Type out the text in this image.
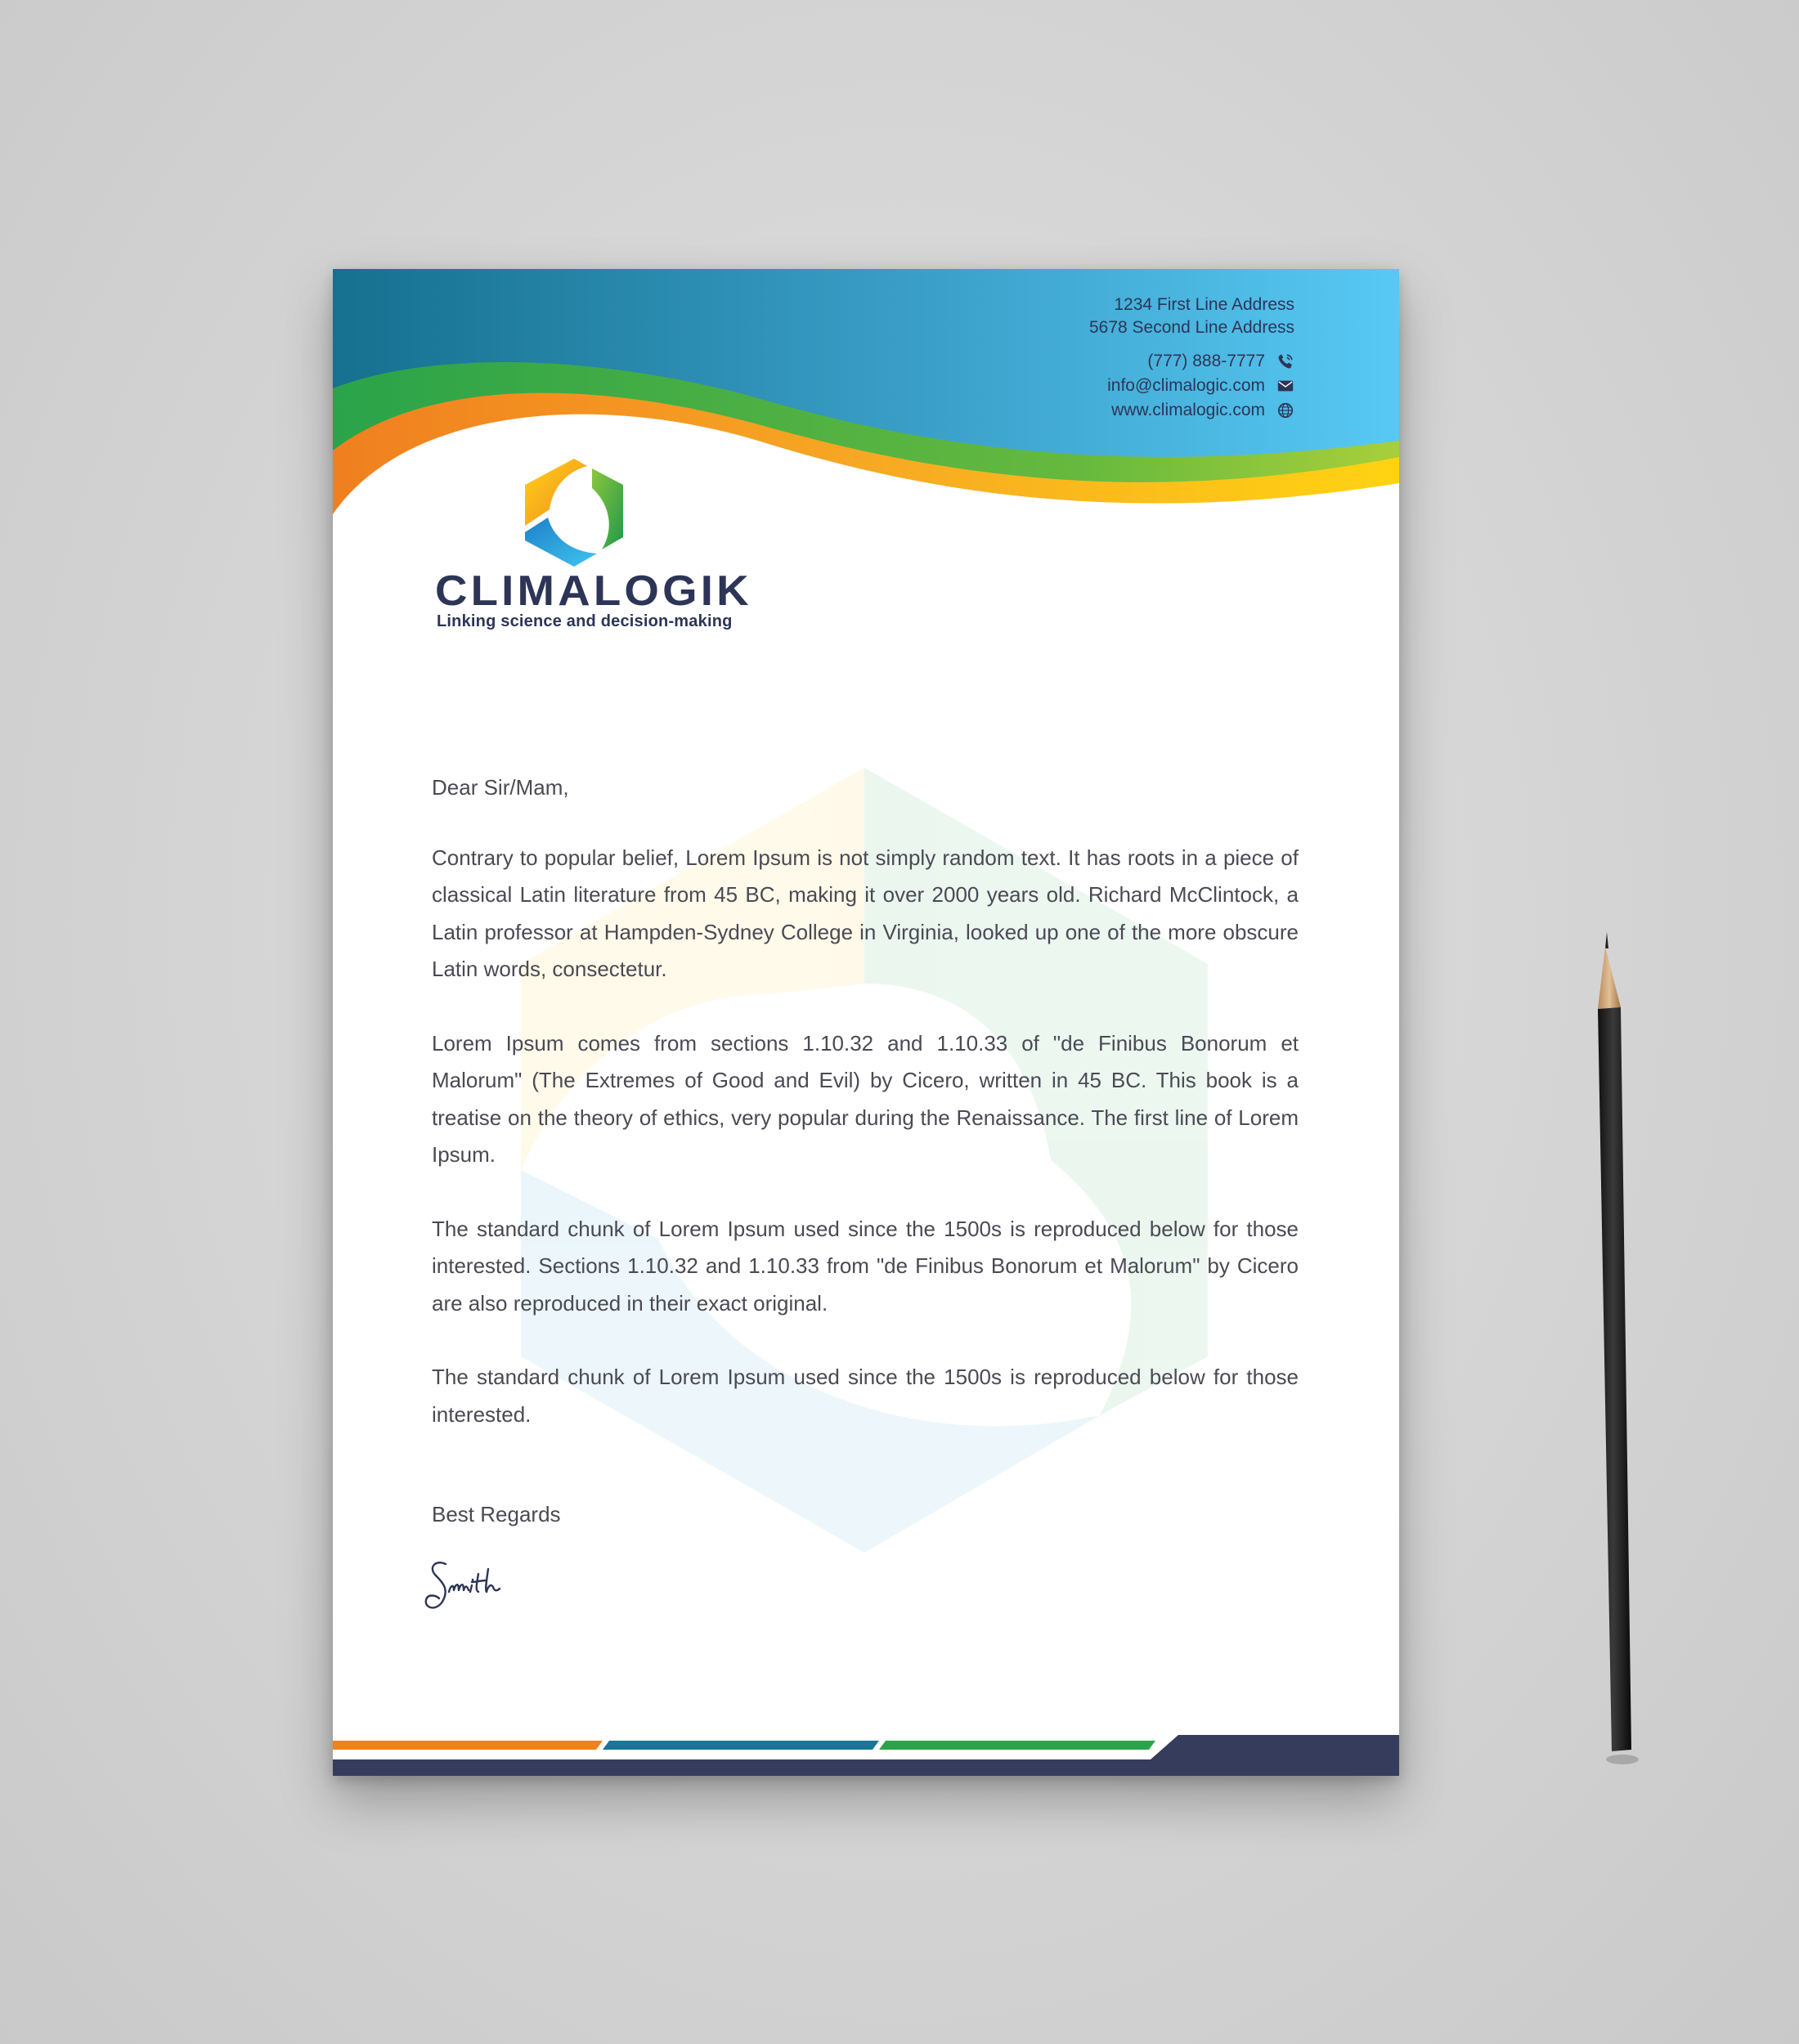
1234 First Line Address
5678 Second Line Address
(777) 888-7777
info@climalogic.com
www.climalogic.com
CLIMALOGIK
Linking science and decision-making

Dear Sir/Mam,

Contrary to popular belief, Lorem Ipsum is not simply random text. It has roots in a piece of classical Latin literature from 45 BC, making it over 2000 years old. Richard McClintock, a Latin professor at Hampden-Sydney College in Virginia, looked up one of the more obscure Latin words, consectetur.

Lorem Ipsum comes from sections 1.10.32 and 1.10.33 of "de Finibus Bonorum et Malorum" (The Extremes of Good and Evil) by Cicero, written in 45 BC. This book is a treatise on the theory of ethics, very popular during the Renaissance. The first line of Lorem Ipsum.

The standard chunk of Lorem Ipsum used since the 1500s is reproduced below for those interested. Sections 1.10.32 and 1.10.33 from "de Finibus Bonorum et Malorum" by Cicero are also reproduced in their exact original.

The standard chunk of Lorem Ipsum used since the 1500s is reproduced below for those interested.

Best Regards
